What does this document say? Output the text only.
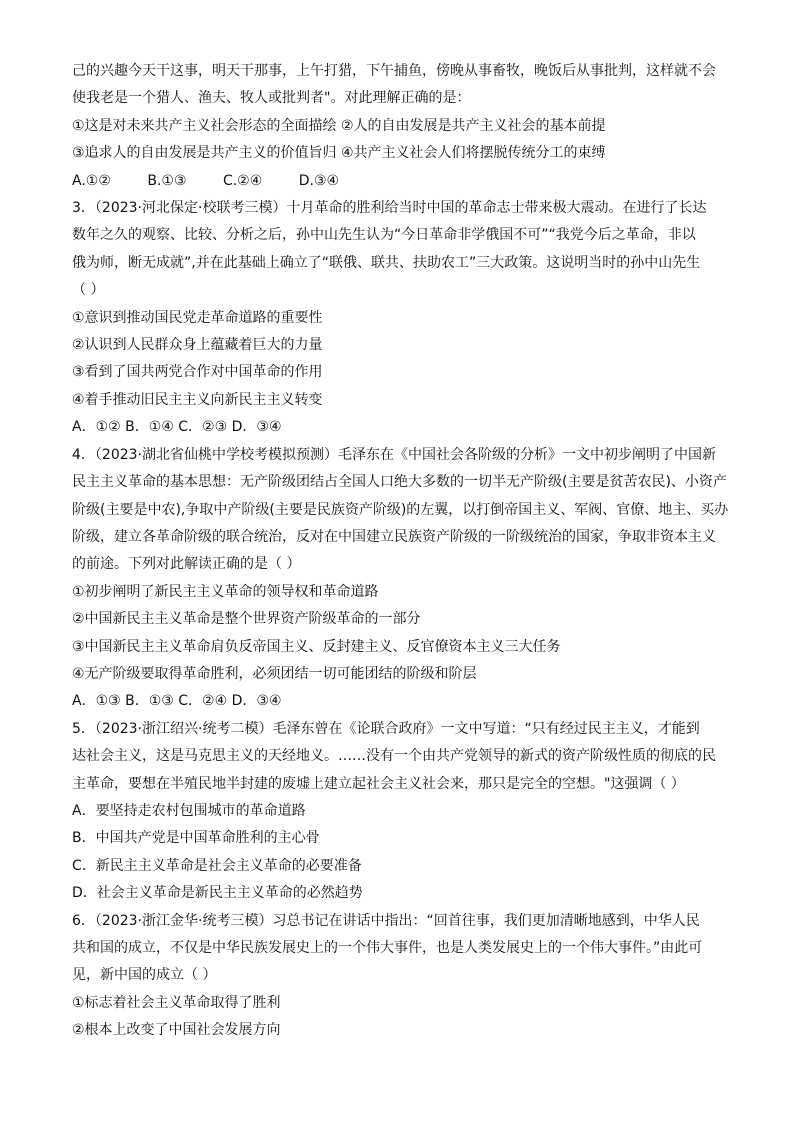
己的兴趣今天干这事，明天干那事，上午打猎，下午捕鱼，傍晚从事畜牧，晚饭后从事批判，这样就不会

使我老是一个猎人、渔夫、牧人或批判者"。对此理解正确的是：

①这是对未来共产主义社会形态的全面描绘 ②人的自由发展是共产主义社会的基本前提

③追求人的自由发展是共产主义的价值旨归 ④共产主义社会人们将摆脱传统分工的束缚

A.①②	B.①③	C.②④	D.③④

3．（2023·河北保定·校联考三模）十月革命的胜利给当时中国的革命志士带来极大震动。在进行了长达

数年之久的观察、比较、分析之后，孙中山先生认为“今日革命非学俄国不可”“我党今后之革命，非以

俄为师，断无成就”,并在此基础上确立了“联俄、联共、扶助农工”三大政策。这说明当时的孙中山先生

（ ）

①意识到推动国民党走革命道路的重要性

②认识到人民群众身上蕴藏着巨大的力量

③看到了国共两党合作对中国革命的作用

④着手推动旧民主主义向新民主主义转变

A．①② B．①④ C．②③ D．③④

4．（2023·湖北省仙桃中学校考模拟预测）毛泽东在《中国社会各阶级的分析》一文中初步阐明了中国新

民主主义革命的基本思想：无产阶级团结占全国人口绝大多数的一切半无产阶级(主要是贫苦农民)、小资产

阶级(主要是中农),争取中产阶级(主要是民族资产阶级)的左翼，以打倒帝国主义、军阀、官僚、地主、买办

阶级，建立各革命阶级的联合统治，反对在中国建立民族资产阶级的一阶级统治的国家，争取非资本主义

的前途。下列对此解读正确的是（ ）

①初步阐明了新民主主义革命的领导权和革命道路

②中国新民主主义革命是整个世界资产阶级革命的一部分

③中国新民主主义革命肩负反帝国主义、反封建主义、反官僚资本主义三大任务

④无产阶级要取得革命胜利，必须团结一切可能团结的阶级和阶层

A．①③ B．①③ C．②④ D．③④

5．（2023·浙江绍兴·统考二模）毛泽东曾在《论联合政府》一文中写道：“只有经过民主主义，才能到

达社会主义，这是马克思主义的天经地义。……没有一个由共产党领导的新式的资产阶级性质的彻底的民

主革命，要想在半殖民地半封建的废墟上建立起社会主义社会来，那只是完全的空想。"这强调（ ）

A．要坚持走农村包围城市的革命道路

B．中国共产党是中国革命胜利的主心骨

C．新民主主义革命是社会主义革命的必要准备

D．社会主义革命是新民主主义革命的必然趋势

6．（2023·浙江金华·统考三模）习总书记在讲话中指出：“回首往事，我们更加清晰地感到，中华人民

共和国的成立，不仅是中华民族发展史上的一个伟大事件，也是人类发展史上的一个伟大事件。”由此可

见，新中国的成立（ ）

①标志着社会主义革命取得了胜利

②根本上改变了中国社会发展方向
